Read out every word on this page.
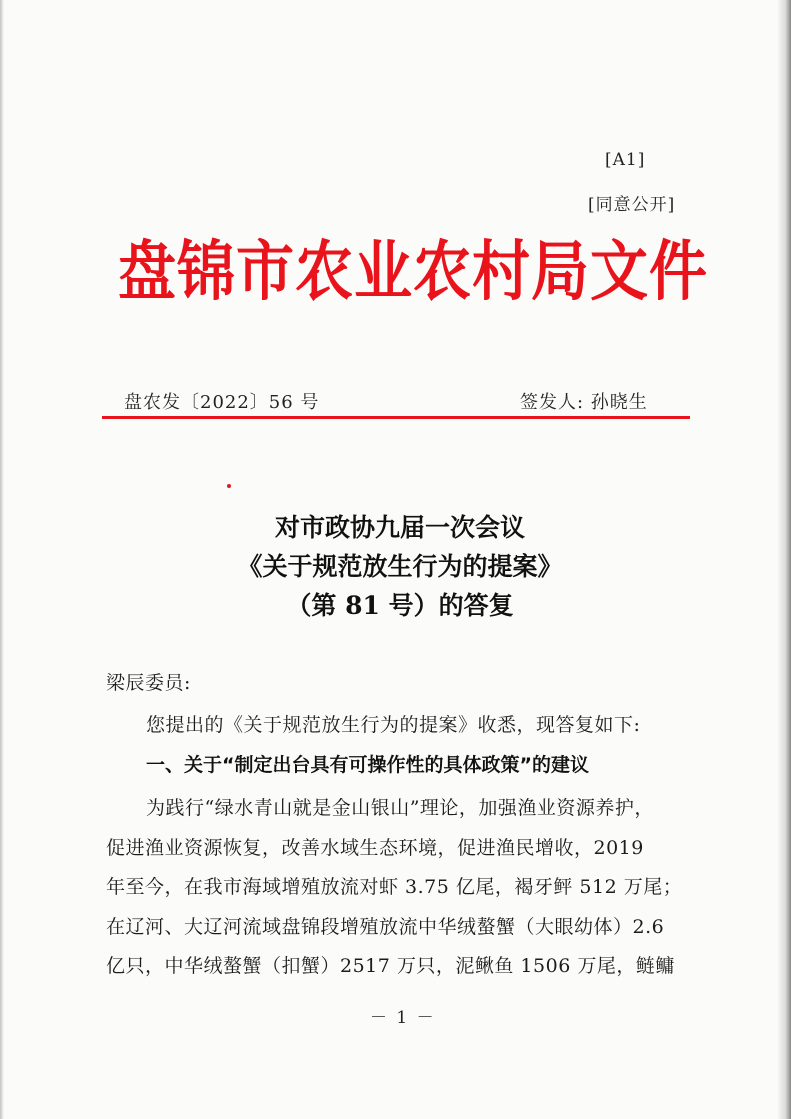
[A1]
[同意公开]
盘锦市农业农村局文件
盘农发〔2022〕56 号	签发人: 孙晓生
对市政协九届一次会议
《关于规范放生行为的提案》
（第 81 号）的答复
梁辰委员:
您提出的《关于规范放生行为的提案》收悉，现答复如下:
一、关于“制定出台具有可操作性的具体政策”的建议
为践行“绿水青山就是金山银山”理论，加强渔业资源养护，
促进渔业资源恢复，改善水域生态环境，促进渔民增收，2019
年至今，在我市海域增殖放流对虾 3.75 亿尾，褐牙鲆 512 万尾；
在辽河、大辽河流域盘锦段增殖放流中华绒螯蟹（大眼幼体）2.6
亿只，中华绒螯蟹（扣蟹）2517 万只，泥鳅鱼 1506 万尾，鲢鳙
－ 1 －
